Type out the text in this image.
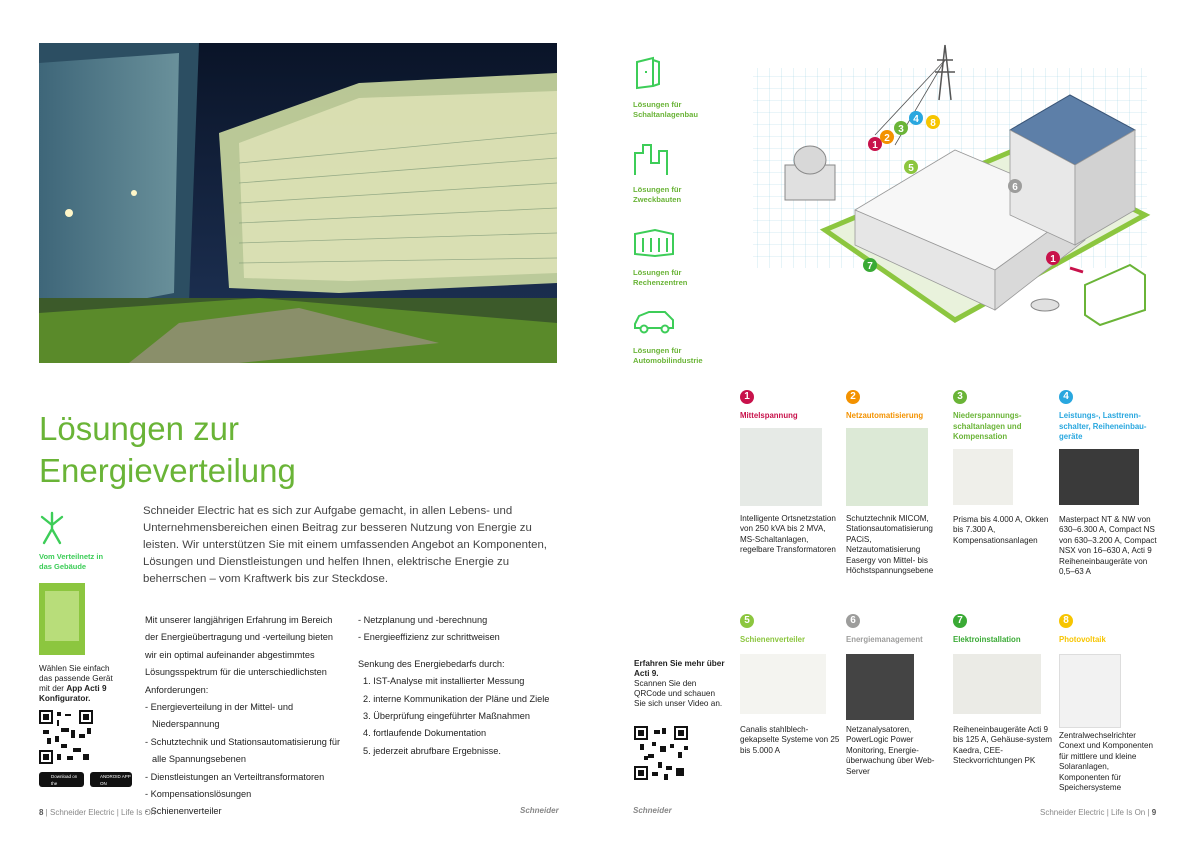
Lösungen zur
Energieverteilung
Schneider Electric hat es sich zur Aufgabe gemacht, in allen Lebens- und Unternehmensbereichen einen Beitrag zur besseren Nutzung von Energie zu leisten. Wir unterstützen Sie mit einem umfassenden Angebot an Komponenten, Lösungen und Dienstleistungen und helfen Ihnen, elektrische Energie zu beherrschen – vom Kraftwerk bis zur Steckdose.
Vom Verteilnetz in das Gebäude
Wählen Sie einfach das passende Gerät mit der App Acti 9 Konfigurator.
Download on the
App Store
ANDROID APP ON
Google play
Mit unserer langjährigen Erfahrung im Bereich der Energieübertragung und -verteilung bieten wir ein optimal aufeinander abgestimmtes Lösungsspektrum für die unterschiedlichsten Anforderungen:
- Energieverteilung in der Mittel- und Niederspannung
- Schutztechnik und Stationsautomatisierung für alle Spannungsebenen
- Dienstleistungen an Verteiltransformatoren
- Kompensationslösungen
- Schienenverteiler
- Netzplanung und -berechnung
- Energieeffizienz zur schrittweisen
Senkung des Energiebedarfs durch:
1. IST-Analyse mit installierter Messung
2. interne Kommunikation der Pläne und Ziele
3. Überprüfung eingeführter Maßnahmen
4. fortlaufende Dokumentation
5. jederzeit abrufbare Ergebnisse.
8 | Schneider Electric | Life Is On	Schneider
Lösungen für Schaltanlagenbau
Lösungen für Zweckbauten
Lösungen für Rechenzentren
Lösungen für Automobilindustrie
1
2
3
4 8
5
6
7
1
1
Mittelspannung
Intelligente Ortsnetzstation von 250 kVA bis 2 MVA, MS-Schaltanlagen, regelbare Transformatoren
2
Netzautomatisierung
Schutztechnik MICOM, Stationsautomatisierung PACiS, Netzautomatisierung Easergy von Mittel- bis Höchstspannungsebene
3
Niederspannungs-schaltanlagen und Kompensation
Prisma bis 4.000 A, Okken bis 7.300 A, Kompensationsanlagen
4
Leistungs-, Lasttrenn-schalter, Reiheneinbau-geräte
Masterpact NT & NW von 630–6.300 A, Compact NS von 630–3.200 A, Compact NSX von 16–630 A, Acti 9 Reiheneinbaugeräte von 0,5–63 A
5
Schienenverteiler
Canalis stahlblech-gekapselte Systeme von 25 bis 5.000 A
6
Energiemanagement
Netzanalysatoren, PowerLogic Power Monitoring, Energie-überwachung über Web-Server
7
Elektroinstallation
Reiheneinbaugeräte Acti 9 bis 125 A, Gehäuse-system Kaedra, CEE-Steckvorrichtungen PK
8
Photovoltaik
Zentralwechselrichter Conext und Komponenten für mittlere und kleine Solaranlagen, Komponenten für Speichersysteme
Erfahren Sie mehr über Acti 9.
Scannen Sie den QRCode und schauen Sie sich unser Video an.
Schneider	Schneider Electric | Life Is On | 9
